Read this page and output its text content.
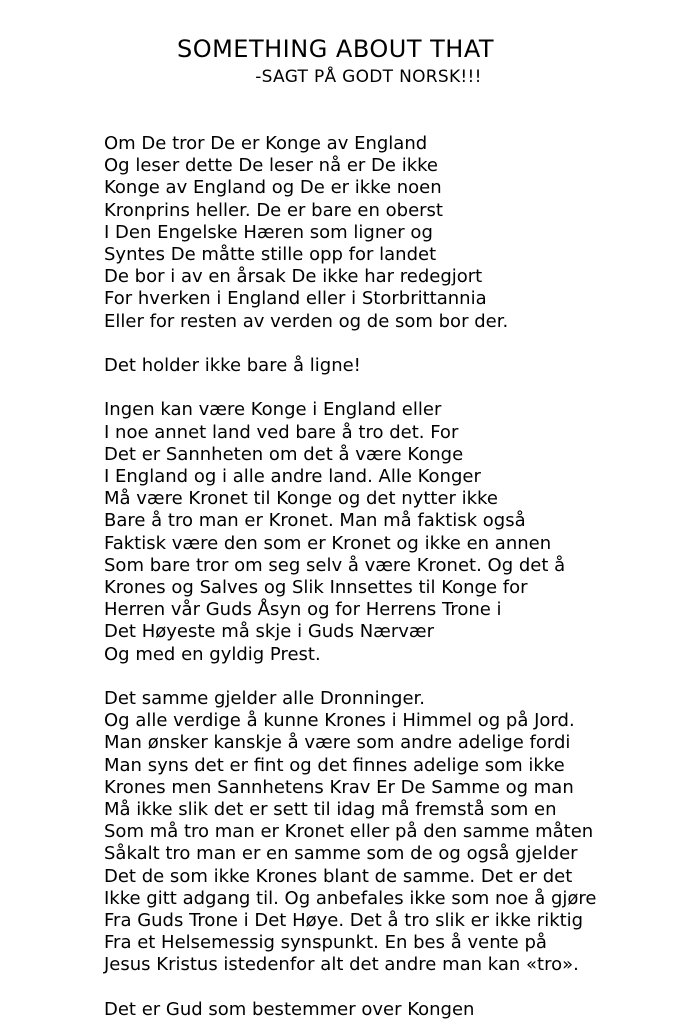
SOMETHING ABOUT THAT
-SAGT PÅ GODT NORSK!!!
Om De tror De er Konge av England
Og leser dette De leser nå er De ikke
Konge av England og De er ikke noen
Kronprins heller. De er bare en oberst
I Den Engelske Hæren som ligner og
Syntes De måtte stille opp for landet
De bor i av en årsak De ikke har redegjort
For hverken i England eller i Storbrittannia
Eller for resten av verden og de som bor der.
Det holder ikke bare å ligne!
Ingen kan være Konge i England eller
I noe annet land ved bare å tro det. For
Det er Sannheten om det å være Konge
I England og i alle andre land. Alle Konger
Må være Kronet til Konge og det nytter ikke
Bare å tro man er Kronet. Man må faktisk også
Faktisk være den som er Kronet og ikke en annen
Som bare tror om seg selv å være Kronet. Og det å
Krones og Salves og Slik Innsettes til Konge for
Herren vår Guds Åsyn og for Herrens Trone i
Det Høyeste må skje i Guds Nærvær
Og med en gyldig Prest.
Det samme gjelder alle Dronninger.
Og alle verdige å kunne Krones i Himmel og på Jord.
Man ønsker kanskje å være som andre adelige fordi
Man syns det er fint og det finnes adelige som ikke
Krones men Sannhetens Krav Er De Samme og man
Må ikke slik det er sett til idag må fremstå som en
Som må tro man er Kronet eller på den samme måten
Såkalt tro man er en samme som de og også gjelder
Det de som ikke Krones blant de samme. Det er det
Ikke gitt adgang til. Og anbefales ikke som noe å gjøre
Fra Guds Trone i Det Høye. Det å tro slik er ikke riktig
Fra et Helsemessig synspunkt. En bes å vente på
Jesus Kristus istedenfor alt det andre man kan «tro».
Det er Gud som bestemmer over Kongen
